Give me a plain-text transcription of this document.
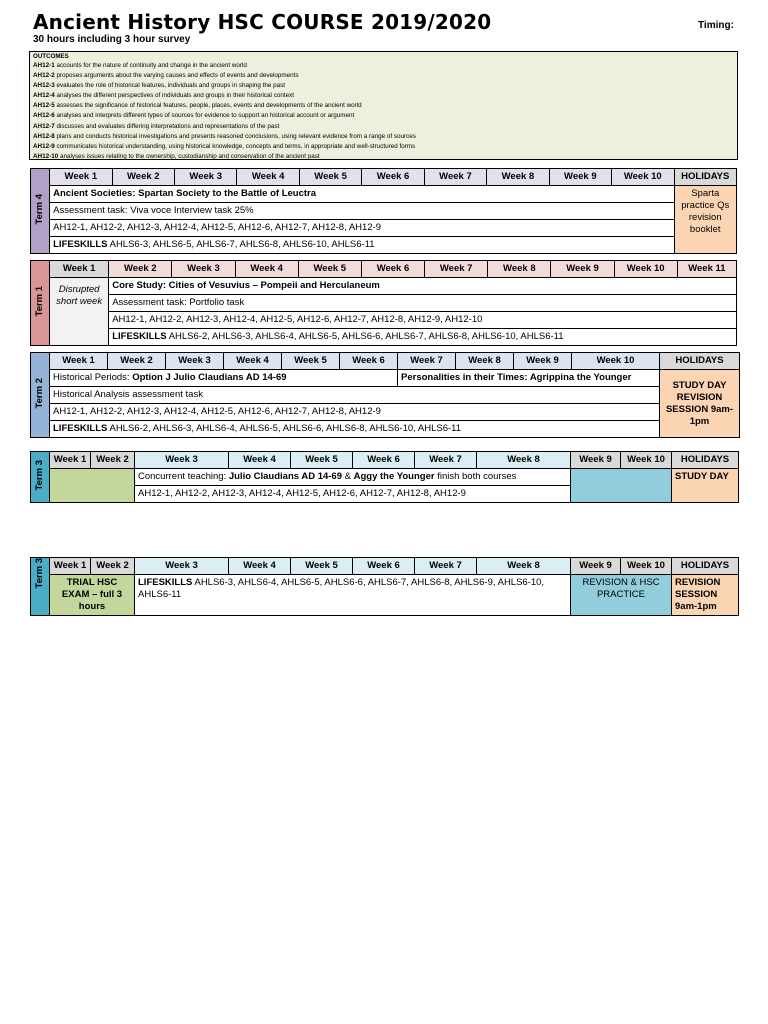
Ancient History HSC COURSE 2019/2020
30 hours including 3 hour survey
Timing:
OUTCOMES
AH12-1 accounts for the nature of continuity and change in the ancient world
AH12-2 proposes arguments about the varying causes and effects of events and developments
AH12-3 evaluates the role of historical features, individuals and groups in shaping the past
AH12-4 analyses the different perspectives of individuals and groups in their historical context
AH12-5 assesses the significance of historical features, people, places, events and developments of the ancient world
AH12-6 analyses and interprets different types of sources for evidence to support an historical account or argument
AH12-7 discusses and evaluates differing interpretations and representations of the past
AH12-8 plans and conducts historical investigations and presents reasoned conclusions, using relevant evidence from a range of sources
AH12-9 communicates historical understanding, using historical knowledge, concepts and terms, in appropriate and well-structured forms
AH12-10 analyses issues relating to the ownership, custodianship and conservation of the ancient past
Term 4	Week 1	Week 2	Week 3	Week 4	Week 5	Week 6	Week 7	Week 8	Week 9	Week 10	HOLIDAYS
	Ancient Societies: Spartan Society to the Battle of Leuctra										Sparta practice Qs revision booklet
	Assessment task: Viva voce Interview task 25%										
	AH12-1, AH12-2, AH12-3, AH12-4, AH12-5, AH12-6, AH12-7, AH12-8, AH12-9										
	LIFESKILLS AHLS6-3, AHLS6-5, AHLS6-7, AHLS6-8, AHLS6-10, AHLS6-11										
Term 1	Week 1	Week 2	Week 3	Week 4	Week 5	Week 6	Week 7	Week 8	Week 9	Week 10	Week 11
	Disrupted short week	Core Study: Cities of Vesuvius – Pompeii and Herculaneum									
		Assessment task: Portfolio task									
		AH12-1, AH12-2, AH12-3, AH12-4, AH12-5, AH12-6, AH12-7, AH12-8, AH12-9, AH12-10									
		LIFESKILLS AHLS6-2, AHLS6-3, AHLS6-4, AHLS6-5, AHLS6-6, AHLS6-7, AHLS6-8, AHLS6-10, AHLS6-11									
Term 2	Week 1	Week 2	Week 3	Week 4	Week 5	Week 6	Week 7	Week 8	Week 9	Week 10	HOLIDAYS
	Historical Periods: Option J Julio Claudians AD 14-69						Personalities in their Times: Agrippina the Younger				STUDY DAY REVISION SESSION 9am-1pm
	Historical Analysis assessment task										
	AH12-1, AH12-2, AH12-3, AH12-4, AH12-5, AH12-6, AH12-7, AH12-8, AH12-9										
	LIFESKILLS AHLS6-2, AHLS6-3, AHLS6-4, AHLS6-5, AHLS6-6, AHLS6-8, AHLS6-10, AHLS6-11										
Term 3	Week 1	Week 2	Week 3	Week 4	Week 5	Week 6	Week 7	Week 8	Week 9	Week 10	HOLIDAYS
			Concurrent teaching: Julio Claudians AD 14-69 & Aggy the Younger finish both courses								STUDY DAY
			AH12-1, AH12-2, AH12-3, AH12-4, AH12-5, AH12-6, AH12-7, AH12-8, AH12-9								
Term 3	Week 1	Week 2	Week 3	Week 4	Week 5	Week 6	Week 7	Week 8	Week 9	Week 10	HOLIDAYS
	TRIAL HSC EXAM – full 3 hours		LIFESKILLS AHLS6-3, AHLS6-4, AHLS6-5, AHLS6-6, AHLS6-7, AHLS6-8, AHLS6-9, AHLS6-10, AHLS6-11						REVISION & HSC PRACTICE		REVISION SESSION 9am-1pm
